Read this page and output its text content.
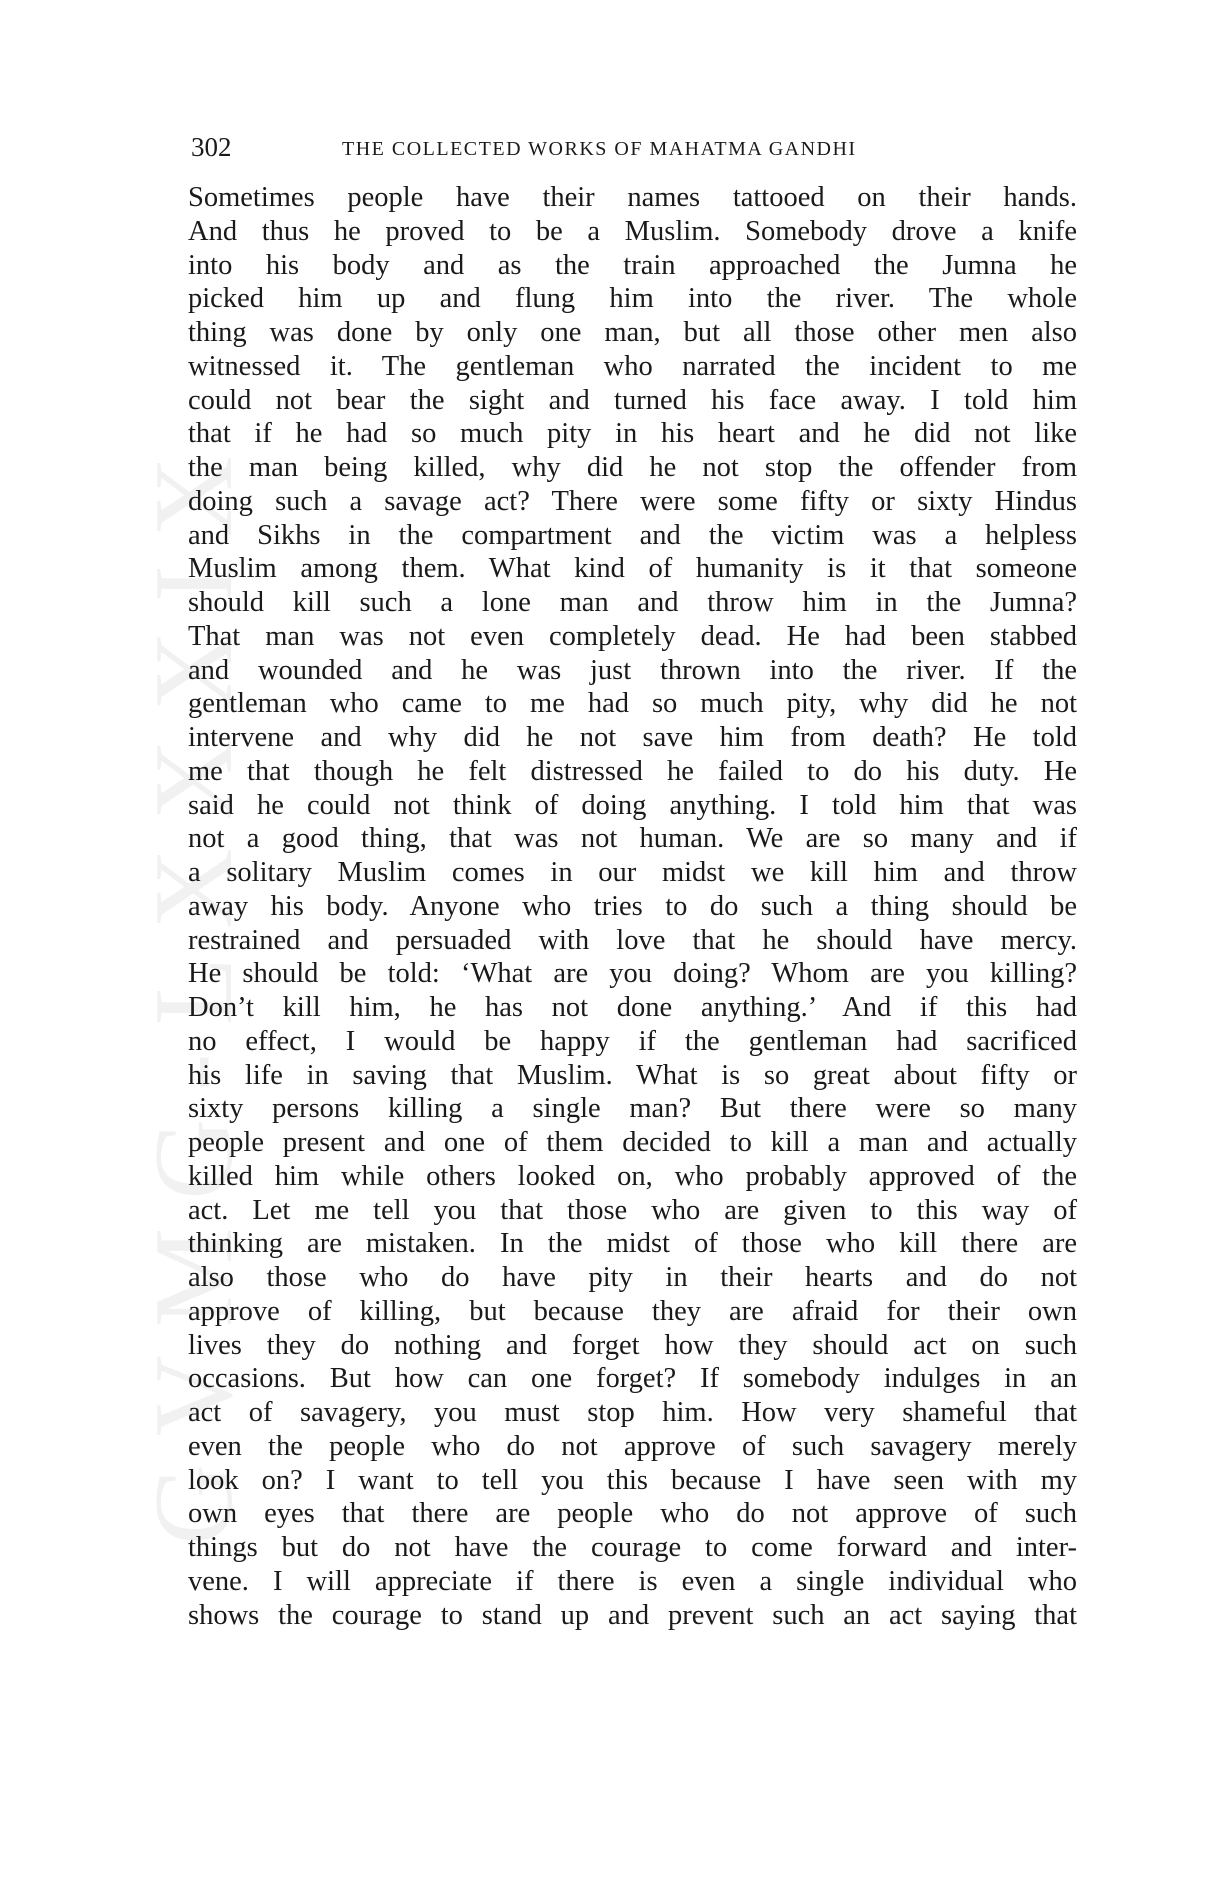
GVMG-LXXXIX
302	THE COLLECTED WORKS OF MAHATMA GANDHI
Sometimes people have their names tattooed on their hands.
And thus he proved to be a Muslim. Somebody drove a knife
into his body and as the train approached the Jumna he
picked him up and flung him into the river. The whole
thing was done by only one man, but all those other men also
witnessed it. The gentleman who narrated the incident to me
could not bear the sight and turned his face away. I told him
that if he had so much pity in his heart and he did not like
the man being killed, why did he not stop the offender from
doing such a savage act? There were some fifty or sixty Hindus
and Sikhs in the compartment and the victim was a helpless
Muslim among them. What kind of humanity is it that someone
should kill such a lone man and throw him in the Jumna?
That man was not even completely dead. He had been stabbed
and wounded and he was just thrown into the river. If the
gentleman who came to me had so much pity, why did he not
intervene and why did he not save him from death? He told
me that though he felt distressed he failed to do his duty. He
said he could not think of doing anything. I told him that was
not a good thing, that was not human. We are so many and if
a solitary Muslim comes in our midst we kill him and throw
away his body. Anyone who tries to do such a thing should be
restrained and persuaded with love that he should have mercy.
He should be told: ‘What are you doing? Whom are you killing?
Don’t kill him, he has not done anything.’ And if this had
no effect, I would be happy if the gentleman had sacrificed
his life in saving that Muslim. What is so great about fifty or
sixty persons killing a single man? But there were so many
people present and one of them decided to kill a man and actually
killed him while others looked on, who probably approved of the
act. Let me tell you that those who are given to this way of
thinking are mistaken. In the midst of those who kill there are
also those who do have pity in their hearts and do not
approve of killing, but because they are afraid for their own
lives they do nothing and forget how they should act on such
occasions. But how can one forget? If somebody indulges in an
act of savagery, you must stop him. How very shameful that
even the people who do not approve of such savagery merely
look on? I want to tell you this because I have seen with my
own eyes that there are people who do not approve of such
things but do not have the courage to come forward and inter-
vene. I will appreciate if there is even a single individual who
shows the courage to stand up and prevent such an act saying that
